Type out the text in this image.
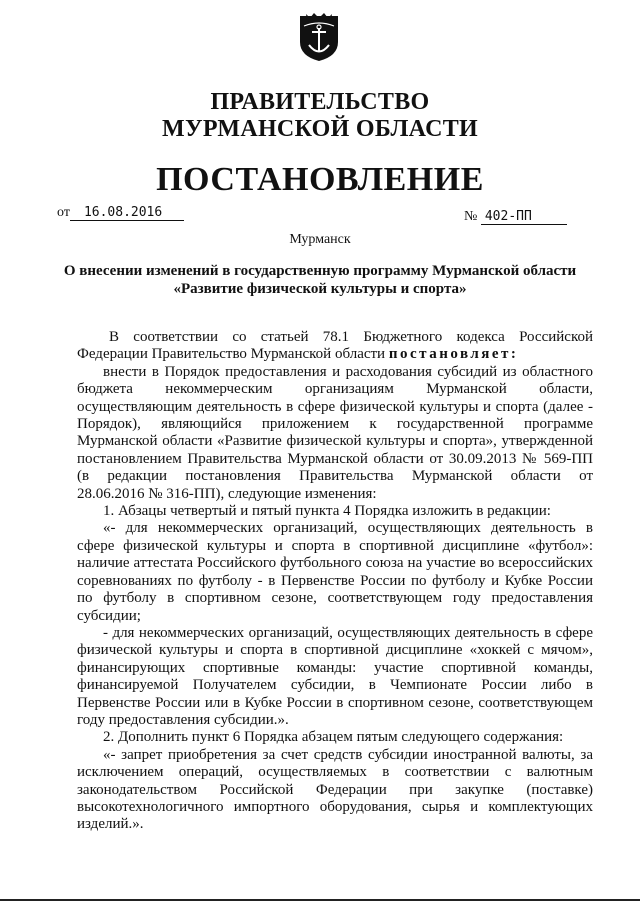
ПРАВИТЕЛЬСТВО
МУРМАНСКОЙ ОБЛАСТИ
ПОСТАНОВЛЕНИЕ
от 16.08.2016	№ 402-ПП
Мурманск
О внесении изменений в государственную программу Мурманской области
«Развитие физической культуры и спорта»

В соответствии со статьей 78.1 Бюджетного кодекса Российской

Федерации Правительство Мурманской области постановляет:

внести в Порядок предоставления и расходования субсидий из областного

бюджета некоммерческим организациям Мурманской области,

осуществляющим деятельность в сфере физической культуры и спорта (далее -

Порядок), являющийся приложением к государственной программе

Мурманской области «Развитие физической культуры и спорта», утвержденной

постановлением Правительства Мурманской области от 30.09.2013 № 569-ПП

(в редакции постановления Правительства Мурманской области от

28.06.2016 № 316-ПП), следующие изменения:

1. Абзацы четвертый и пятый пункта 4 Порядка изложить в редакции:

«- для некоммерческих организаций, осуществляющих деятельность в

сфере физической культуры и спорта в спортивной дисциплине «футбол»:

наличие аттестата Российского футбольного союза на участие во всероссийских

соревнованиях по футболу - в Первенстве России по футболу и Кубке России

по футболу в спортивном сезоне, соответствующем году предоставления

субсидии;

- для некоммерческих организаций, осуществляющих деятельность в сфере

физической культуры и спорта в спортивной дисциплине «хоккей с мячом»,

финансирующих спортивные команды: участие спортивной команды,

финансируемой Получателем субсидии, в Чемпионате России либо в

Первенстве России или в Кубке России в спортивном сезоне, соответствующем

году предоставления субсидии.».

2. Дополнить пункт 6 Порядка абзацем пятым следующего содержания:

«- запрет приобретения за счет средств субсидии иностранной валюты, за

исключением операций, осуществляемых в соответствии с валютным

законодательством Российской Федерации при закупке (поставке)

высокотехнологичного импортного оборудования, сырья и комплектующих

изделий.».
